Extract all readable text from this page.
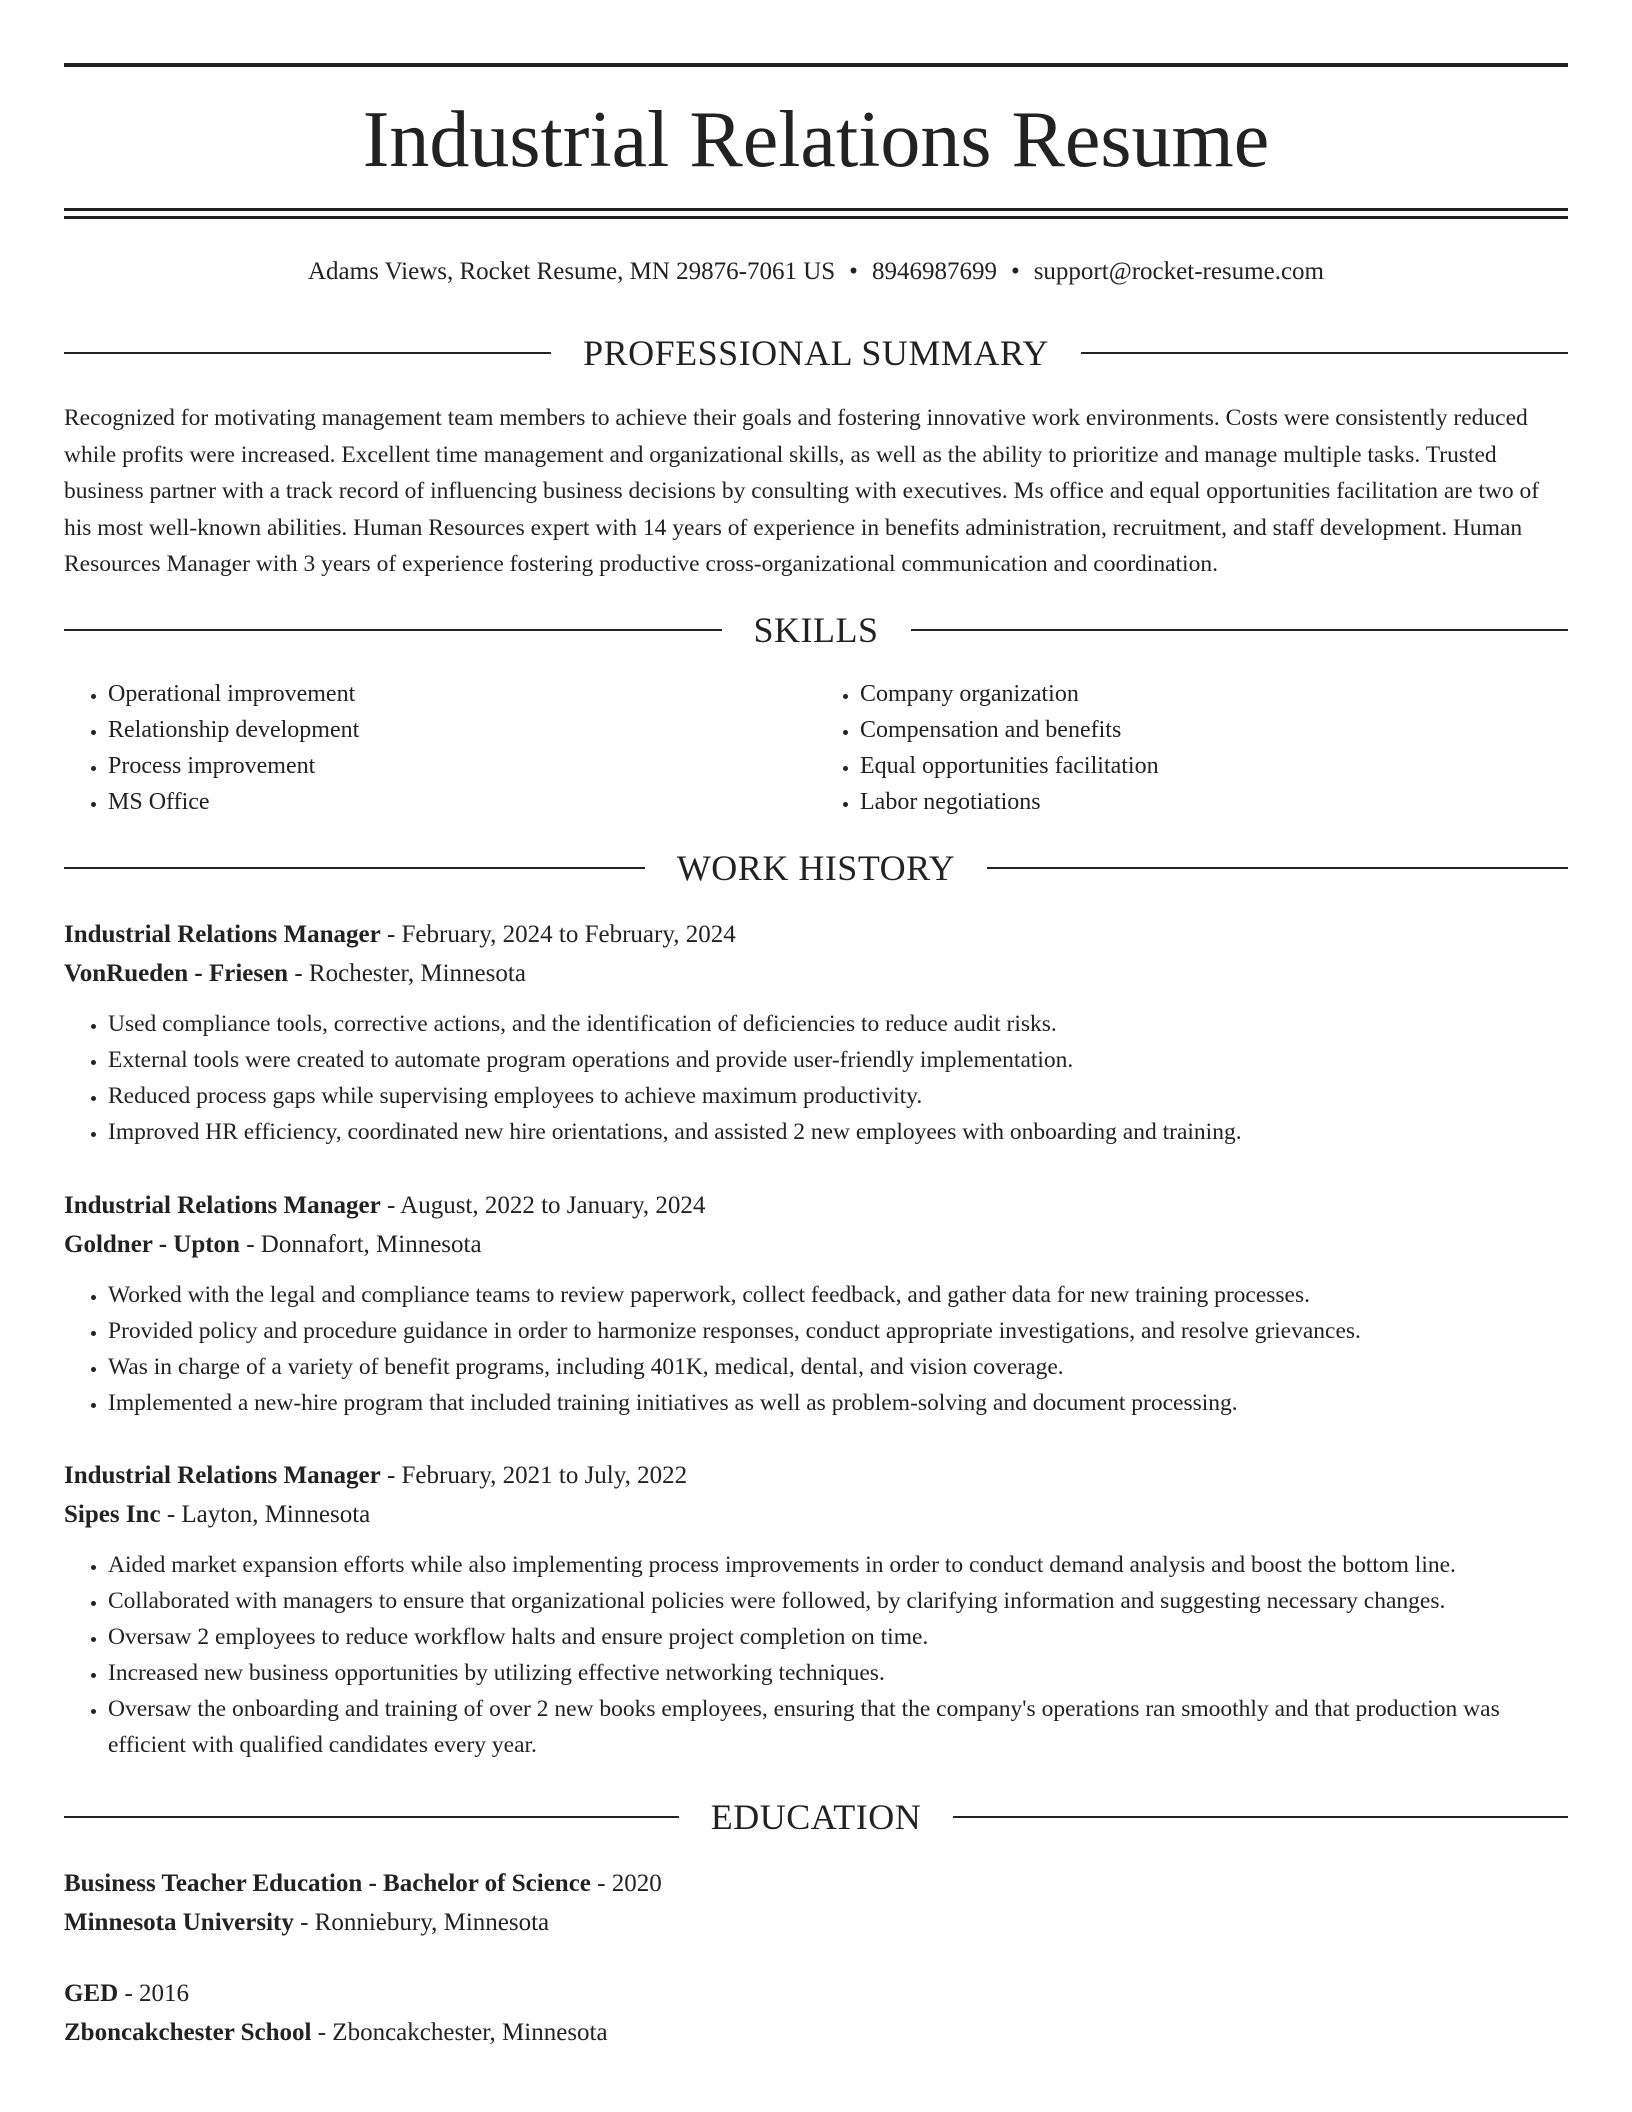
Industrial Relations Resume
Adams Views, Rocket Resume, MN 29876-7061 US • 8946987699 • support@rocket-resume.com
PROFESSIONAL SUMMARY

Recognized for motivating management team members to achieve their goals and fostering innovative work environments. Costs were consistently reduced while profits were increased. Excellent time management and organizational skills, as well as the ability to prioritize and manage multiple tasks. Trusted business partner with a track record of influencing business decisions by consulting with executives. Ms office and equal opportunities facilitation are two of his most well-known abilities. Human Resources expert with 14 years of experience in benefits administration, recruitment, and staff development. Human Resources Manager with 3 years of experience fostering productive cross-organizational communication and coordination.

SKILLS
• Operational improvement
• Relationship development
• Process improvement
• MS Office
• Company organization
• Compensation and benefits
• Equal opportunities facilitation
• Labor negotiations
WORK HISTORY

Industrial Relations Manager - February, 2024 to February, 2024

VonRueden - Friesen - Rochester, Minnesota

• Used compliance tools, corrective actions, and the identification of deficiencies to reduce audit risks.
• External tools were created to automate program operations and provide user-friendly implementation.
• Reduced process gaps while supervising employees to achieve maximum productivity.
• Improved HR efficiency, coordinated new hire orientations, and assisted 2 new employees with onboarding and training.

Industrial Relations Manager - August, 2022 to January, 2024

Goldner - Upton - Donnafort, Minnesota

• Worked with the legal and compliance teams to review paperwork, collect feedback, and gather data for new training processes.
• Provided policy and procedure guidance in order to harmonize responses, conduct appropriate investigations, and resolve grievances.
• Was in charge of a variety of benefit programs, including 401K, medical, dental, and vision coverage.
• Implemented a new-hire program that included training initiatives as well as problem-solving and document processing.

Industrial Relations Manager - February, 2021 to July, 2022

Sipes Inc - Layton, Minnesota

• Aided market expansion efforts while also implementing process improvements in order to conduct demand analysis and boost the bottom line.
• Collaborated with managers to ensure that organizational policies were followed, by clarifying information and suggesting necessary changes.
• Oversaw 2 employees to reduce workflow halts and ensure project completion on time.
• Increased new business opportunities by utilizing effective networking techniques.
• Oversaw the onboarding and training of over 2 new books employees, ensuring that the company's operations ran smoothly and that production was efficient with qualified candidates every year.
EDUCATION

Business Teacher Education - Bachelor of Science - 2020

Minnesota University - Ronniebury, Minnesota

GED - 2016

Zboncakchester School - Zboncakchester, Minnesota
